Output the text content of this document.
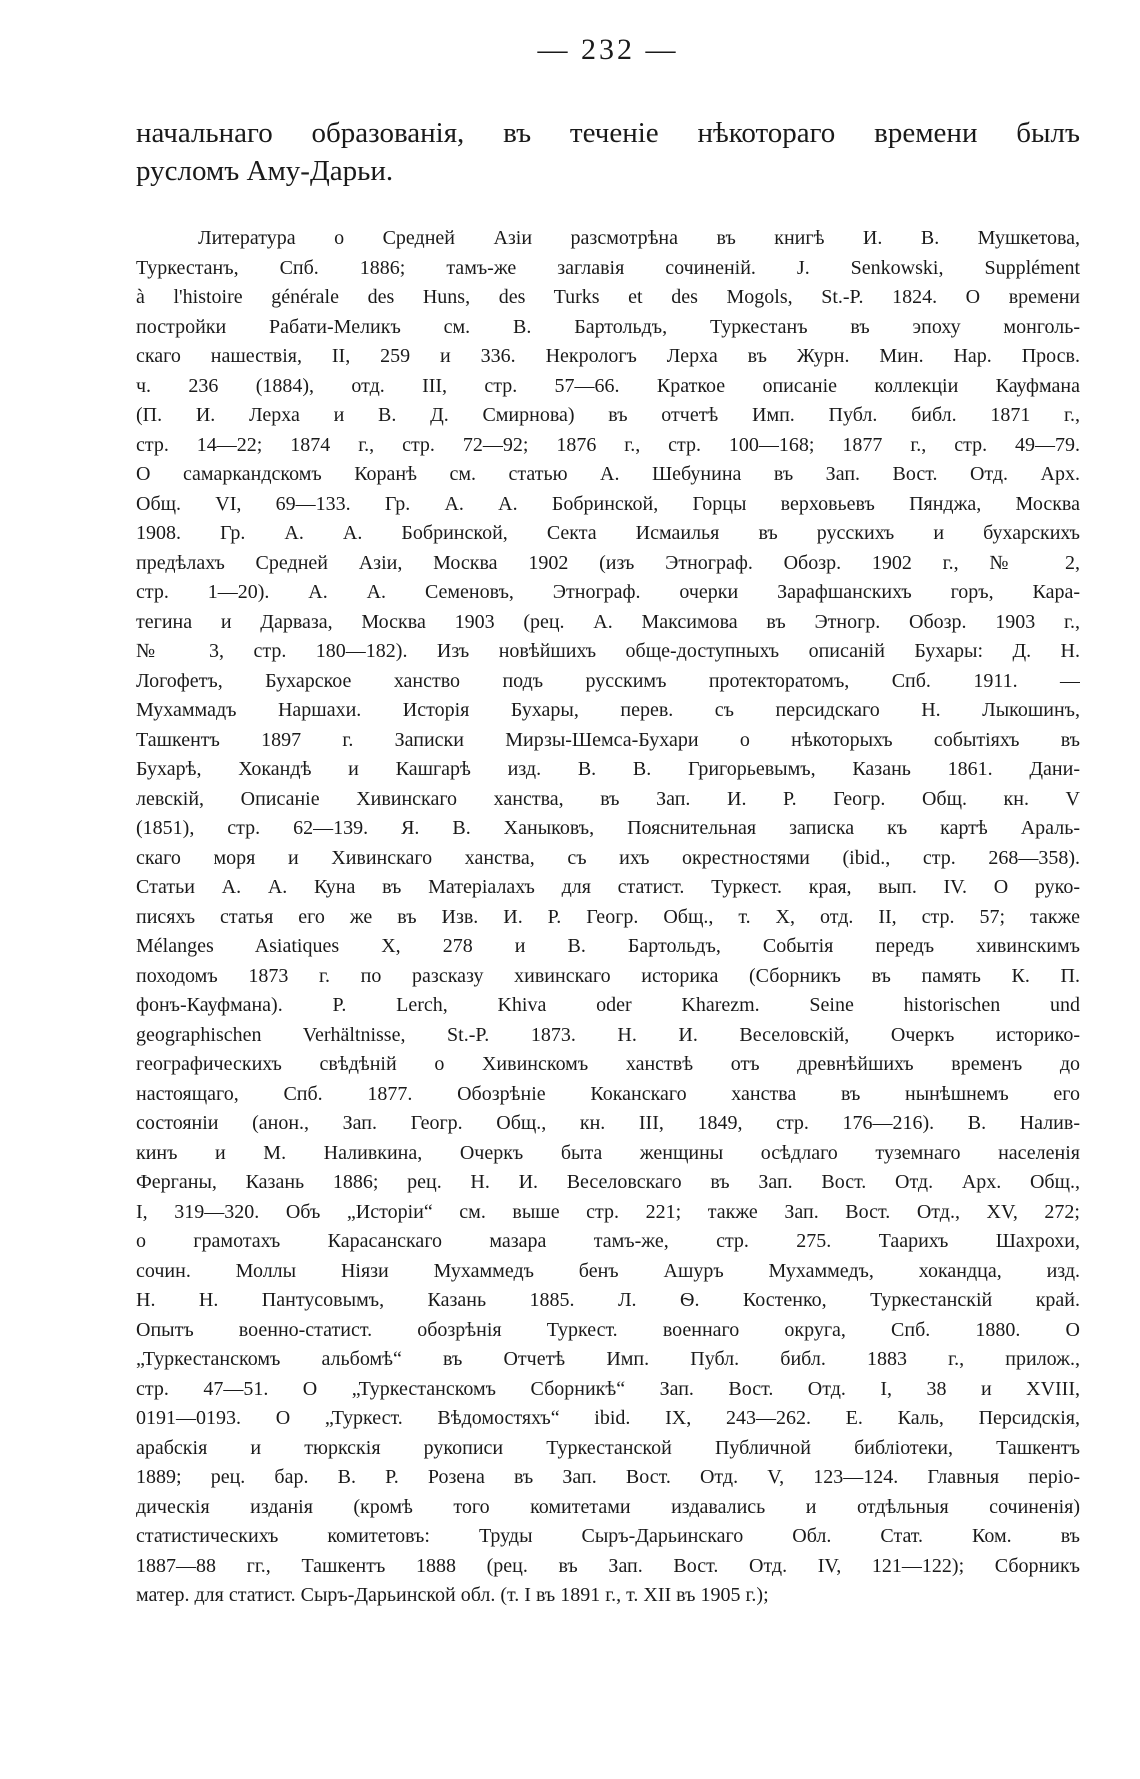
— 232 —
начальнаго образованія, въ теченіе нѣкотораго времени былъ
русломъ Аму-Дарьи.
Литература о Средней Азіи разсмотрѣна въ книгѣ И. В. Мушкетова,
Туркестанъ, Спб. 1886; тамъ-же заглавія сочиненій. J. Senkowski, Supplément
à l'histoire générale des Huns, des Turks et des Mogols, St.-P. 1824. О времени
постройки Рабати-Меликъ см. В. Бартольдъ, Туркестанъ въ эпоху монголь-
скаго нашествія, II, 259 и 336. Некрологъ Лерха въ Журн. Мин. Нар. Просв.
ч. 236 (1884), отд. III, стр. 57—66. Краткое описаніе коллекціи Кауфмана
(П. И. Лерха и В. Д. Смирнова) въ отчетѣ Имп. Публ. библ. 1871 г.,
стр. 14—22; 1874 г., стр. 72—92; 1876 г., стр. 100—168; 1877 г., стр. 49—79.
О самаркандскомъ Коранѣ см. статью А. Шебунина въ Зап. Вост. Отд. Арх.
Общ. VI, 69—133. Гр. А. А. Бобринской, Горцы верховьевъ Пянджа, Москва
1908. Гр. А. А. Бобринской, Секта Исмаилья въ русскихъ и бухарскихъ
предѣлахъ Средней Азіи, Москва 1902 (изъ Этнограф. Обозр. 1902 г., № 2,
стр. 1—20). А. А. Семеновъ, Этнограф. очерки Зарафшанскихъ горъ, Кара-
тегина и Дарваза, Москва 1903 (рец. А. Максимова въ Этногр. Обозр. 1903 г.,
№ 3, стр. 180—182). Изъ новѣйшихъ обще-доступныхъ описаній Бухары: Д. Н.
Логофетъ, Бухарское ханство подъ русскимъ протекторатомъ, Спб. 1911. —
Мухаммадъ Наршахи. Исторія Бухары, перев. съ персидскаго Н. Лыкошинъ,
Ташкентъ 1897 г. Записки Мирзы-Шемса-Бухари о нѣкоторыхъ событіяхъ въ
Бухарѣ, Хокандѣ и Кашгарѣ изд. В. В. Григорьевымъ, Казань 1861. Дани-
левскій, Описаніе Хивинскаго ханства, въ Зап. И. Р. Геогр. Общ. кн. V
(1851), стр. 62—139. Я. В. Ханыковъ, Пояснительная записка къ картѣ Араль-
скаго моря и Хивинскаго ханства, съ ихъ окрестностями (ibid., стр. 268—358).
Статьи А. А. Куна въ Матеріалахъ для статист. Туркест. края, вып. IV. О руко-
писяхъ статья его же въ Изв. И. Р. Геогр. Общ., т. X, отд. II, стр. 57; также
Mélanges Asiatiques X, 278 и В. Бартольдъ, Событія передъ хивинскимъ
походомъ 1873 г. по разсказу хивинскаго историка (Сборникъ въ память К. П.
фонъ-Кауфмана). P. Lerch, Khiva oder Kharezm. Seine historischen und
geographischen Verhältnisse, St.-P. 1873. Н. И. Веселовскій, Очеркъ историко-
географическихъ свѣдѣній о Хивинскомъ ханствѣ отъ древнѣйшихъ временъ до
настоящаго, Спб. 1877. Обозрѣніе Коканскаго ханства въ нынѣшнемъ его
состояніи (анон., Зап. Геогр. Общ., кн. III, 1849, стр. 176—216). В. Налив-
кинъ и М. Наливкина, Очеркъ быта женщины осѣдлаго туземнаго населенія
Ферганы, Казань 1886; рец. Н. И. Веселовскаго въ Зап. Вост. Отд. Арх. Общ.,
I, 319—320. Объ „Исторіи“ см. выше стр. 221; также Зап. Вост. Отд., XV, 272;
о грамотахъ Карасанскаго мазара тамъ-же, стр. 275. Таарихъ Шахрохи,
сочин. Моллы Ніязи Мухаммедъ бенъ Ашуръ Мухаммедъ, хокандца, изд.
Н. Н. Пантусовымъ, Казань 1885. Л. Ѳ. Костенко, Туркестанскій край.
Опытъ военно-статист. обозрѣнія Туркест. военнаго округа, Спб. 1880. О
„Туркестанскомъ альбомѣ“ въ Отчетѣ Имп. Публ. библ. 1883 г., прилож.,
стр. 47—51. О „Туркестанскомъ Сборникѣ“ Зап. Вост. Отд. I, 38 и XVIII,
0191—0193. О „Туркест. Вѣдомостяхъ“ ibid. IX, 243—262. Е. Каль, Персидскія,
арабскія и тюркскія рукописи Туркестанской Публичной библіотеки, Ташкентъ
1889; рец. бар. В. Р. Розена въ Зап. Вост. Отд. V, 123—124. Главныя періо-
дическія изданія (кромѣ того комитетами издавались и отдѣльныя сочиненія)
статистическихъ комитетовъ: Труды Сыръ-Дарьинскаго Обл. Стат. Ком. въ
1887—88 гг., Ташкентъ 1888 (рец. въ Зап. Вост. Отд. IV, 121—122); Сборникъ
матер. для статист. Сыръ-Дарьинской обл. (т. I въ 1891 г., т. XII въ 1905 г.);
